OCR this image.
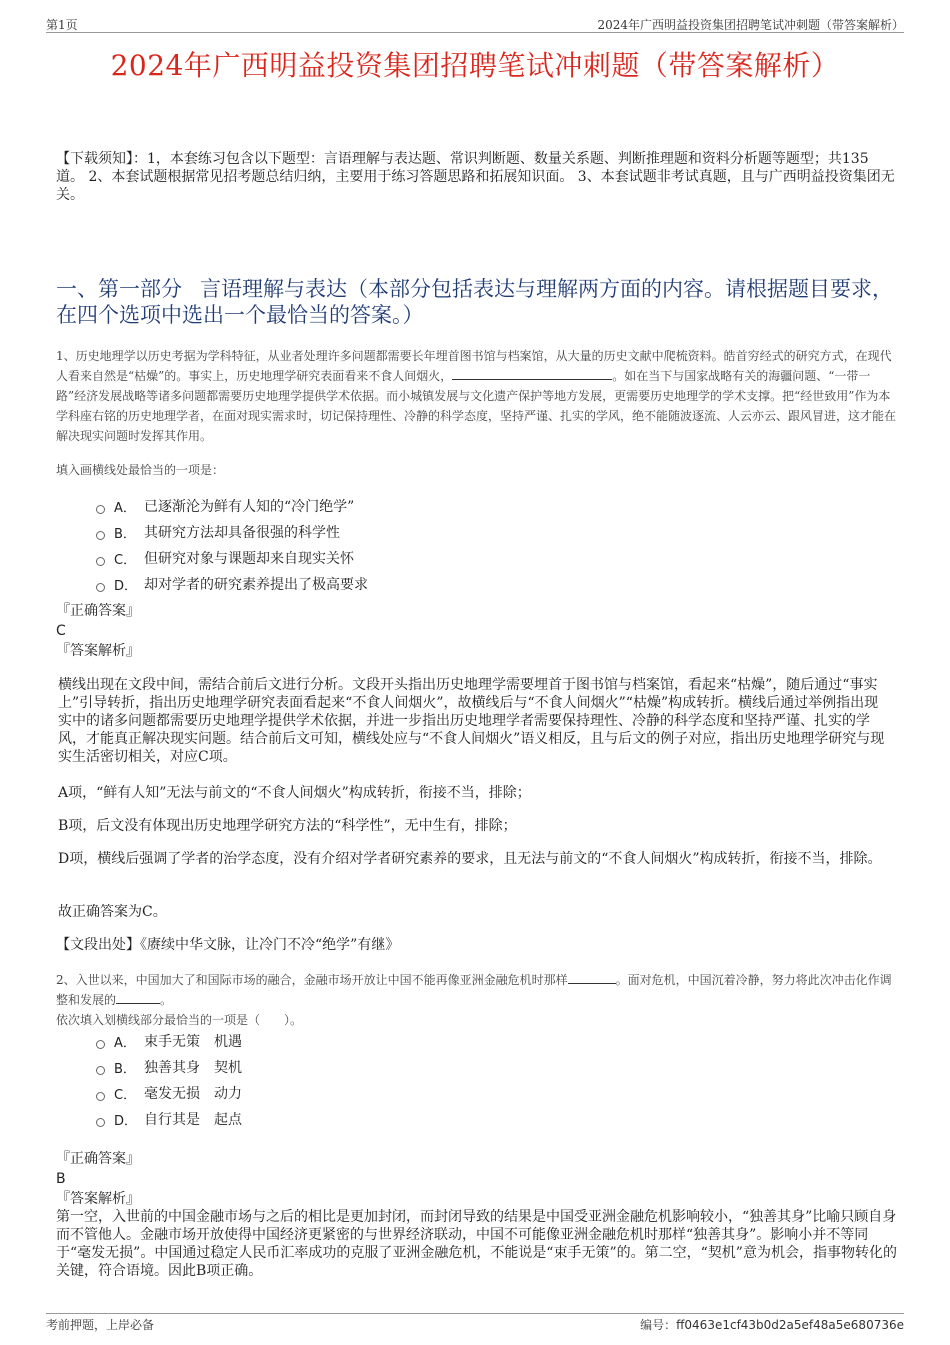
第1页	2024年广西明益投资集团招聘笔试冲刺题（带答案解析）
2024年广西明益投资集团招聘笔试冲刺题（带答案解析）
【下载须知】：1，本套练习包含以下题型：言语理解与表达题、常识判断题、数量关系题、判断推理题和资料分析题等题型；共135道。 2、本套试题根据常见招考题总结归纳，主要用于练习答题思路和拓展知识面。 3、本套试题非考试真题，且与广西明益投资集团无关。
一、第一部分 言语理解与表达（本部分包括表达与理解两方面的内容。请根据题目要求，在四个选项中选出一个最恰当的答案。）
1、历史地理学以历史考据为学科特征，从业者处理许多问题都需要长年埋首图书馆与档案馆，从大量的历史文献中爬梳资料。皓首穷经式的研究方式，在现代人看来自然是“枯燥”的。事实上，历史地理学研究表面看来不食人间烟火，	。如在当下与国家战略有关的海疆问题、“一带一路”经济发展战略等诸多问题都需要历史地理学提供学术依据。而小城镇发展与文化遗产保护等地方发展，更需要历史地理学的学术支撑。把“经世致用”作为本学科座右铭的历史地理学者，在面对现实需求时，切记保持理性、冷静的科学态度，坚持严谨、扎实的学风，绝不能随波逐流、人云亦云、跟风冒进，这才能在解决现实问题时发挥其作用。
填入画横线处最恰当的一项是：
A． 已逐渐沦为鲜有人知的“冷门绝学”
B． 其研究方法却具备很强的科学性
C． 但研究对象与课题却来自现实关怀
D． 却对学者的研究素养提出了极高要求
『正确答案』
C
『答案解析』
横线出现在文段中间，需结合前后文进行分析。文段开头指出历史地理学需要埋首于图书馆与档案馆，看起来“枯燥”，随后通过“事实上”引导转折，指出历史地理学研究表面看起来“不食人间烟火”，故横线后与“不食人间烟火”“枯燥”构成转折。横线后通过举例指出现实中的诸多问题都需要历史地理学提供学术依据，并进一步指出历史地理学者需要保持理性、冷静的科学态度和坚持严谨、扎实的学风，才能真正解决现实问题。结合前后文可知，横线处应与“不食人间烟火”语义相反，且与后文的例子对应，指出历史地理学研究与现实生活密切相关，对应C项。
A项，“鲜有人知”无法与前文的“不食人间烟火”构成转折，衔接不当，排除；
B项，后文没有体现出历史地理学研究方法的“科学性”，无中生有，排除；
D项，横线后强调了学者的治学态度，没有介绍对学者研究素养的要求，且无法与前文的“不食人间烟火”构成转折，衔接不当，排除。
故正确答案为C。
【文段出处】《赓续中华文脉，让冷门不冷“绝学”有继》
2、入世以来，中国加大了和国际市场的融合，金融市场开放让中国不能再像亚洲金融危机时那样	。面对危机，中国沉着冷静，努力将此次冲击化作调整和发展的	。
依次填入划横线部分最恰当的一项是（　　）。
A． 束手无策　机遇
B． 独善其身　契机
C． 毫发无损　动力
D． 自行其是　起点
『正确答案』
B
『答案解析』
第一空，入世前的中国金融市场与之后的相比是更加封闭，而封闭导致的结果是中国受亚洲金融危机影响较小，“独善其身”比喻只顾自身而不管他人。金融市场开放使得中国经济更紧密的与世界经济联动，中国不可能像亚洲金融危机时那样“独善其身”。影响小并不等同于“毫发无损”。中国通过稳定人民币汇率成功的克服了亚洲金融危机，不能说是“束手无策”的。第二空，“契机”意为机会，指事物转化的关键，符合语境。因此B项正确。
考前押题，上岸必备	编号：ff0463e1cf43b0d2a5ef48a5e680736e
